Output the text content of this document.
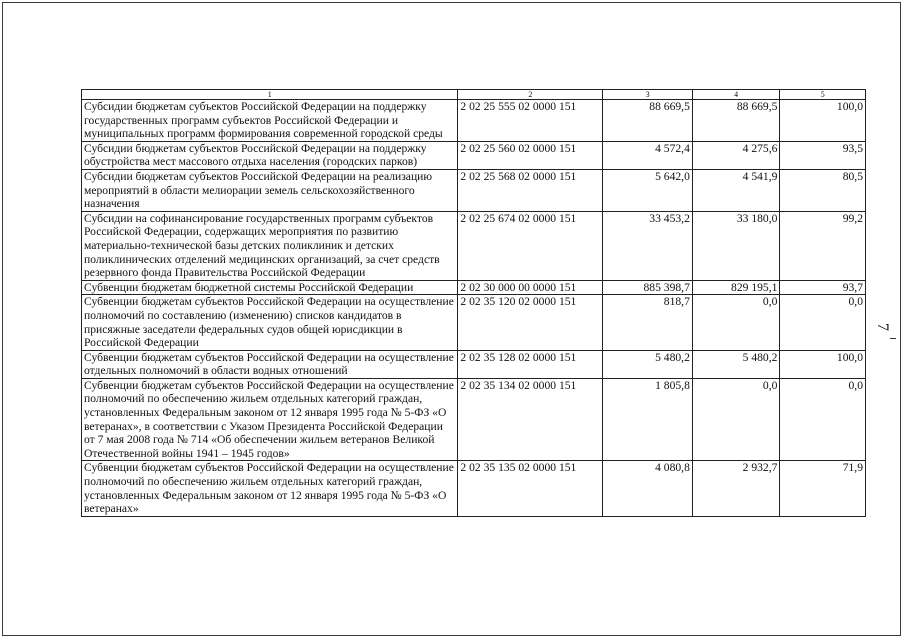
7
1	2	3	4	5
Субсидии бюджетам субъектов Российской Федерации на поддержку государственных программ субъектов Российской Федерации и муниципальных программ формирования современной городской среды	2 02 25 555 02 0000 151	88 669,5	88 669,5	100,0
Субсидии бюджетам субъектов Российской Федерации на поддержку обустройства мест массового отдыха населения (городских парков)	2 02 25 560 02 0000 151	4 572,4	4 275,6	93,5
Субсидии бюджетам субъектов Российской Федерации на реализацию мероприятий в области мелиорации земель сельскохозяйственного назначения	2 02 25 568 02 0000 151	5 642,0	4 541,9	80,5
Субсидии на софинансирование государственных программ субъектов Российской Федерации, содержащих мероприятия по развитию материально-технической базы детских поликлиник и детских поликлинических отделений медицинских организаций, за счет средств резервного фонда Правительства Российской Федерации	2 02 25 674 02 0000 151	33 453,2	33 180,0	99,2
Субвенции бюджетам бюджетной системы Российской Федерации	2 02 30 000 00 0000 151	885 398,7	829 195,1	93,7
Субвенции бюджетам субъектов Российской Федерации на осуществление полномочий по составлению (изменению) списков кандидатов в присяжные заседатели федеральных судов общей юрисдикции в Российской Федерации	2 02 35 120 02 0000 151	818,7	0,0	0,0
Субвенции бюджетам субъектов Российской Федерации на осуществление отдельных полномочий в области водных отношений	2 02 35 128 02 0000 151	5 480,2	5 480,2	100,0
Субвенции бюджетам субъектов Российской Федерации на осуществление полномочий по обеспечению жильем отдельных категорий граждан, установленных Федеральным законом от 12 января 1995 года № 5-ФЗ «О ветеранах», в соответствии с Указом Президента Российской Федерации от 7 мая 2008 года № 714 «Об обеспечении жильем ветеранов Великой Отечественной войны 1941 – 1945 годов»	2 02 35 134 02 0000 151	1 805,8	0,0	0,0
Субвенции бюджетам субъектов Российской Федерации на осуществление полномочий по обеспечению жильем отдельных категорий граждан, установленных Федеральным законом от 12 января 1995 года № 5-ФЗ «О ветеранах»	2 02 35 135 02 0000 151	4 080,8	2 932,7	71,9
